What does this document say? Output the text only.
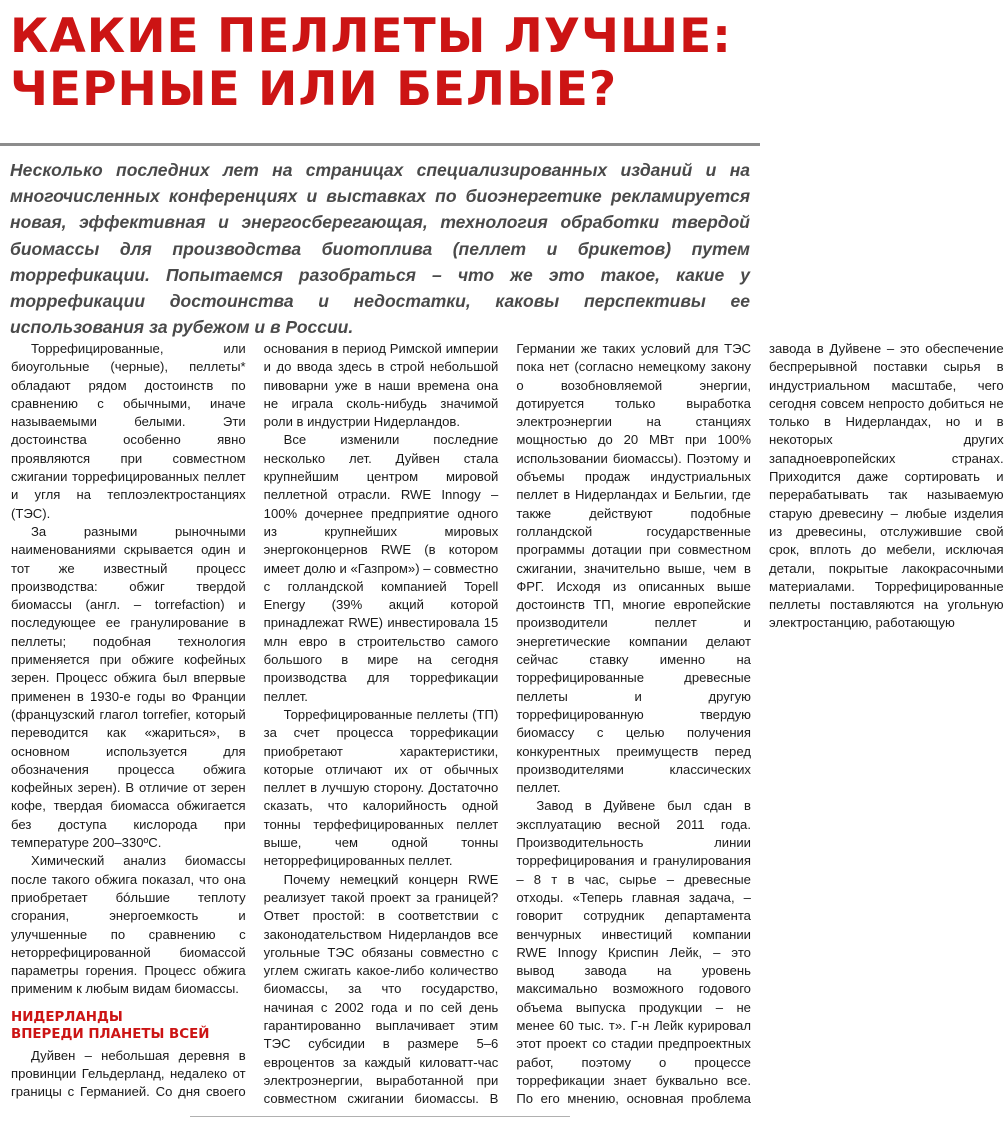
КАКИЕ ПЕЛЛЕТЫ ЛУЧШЕ:
ЧЕРНЫЕ ИЛИ БЕЛЫЕ?

Несколько последних лет на страницах специализированных изданий и на многочисленных конференциях и выставках по биоэнергетике рекламируется новая, эффективная и энергосберегающая, технология обработки твердой биомассы для производства биотоплива (пеллет и брикетов) путем торрефикации. Попытаемся разобраться – что же это такое, какие у торрефикации достоинства и недостатки, каковы перспективы ее использования за рубежом и в России.

Торрефицированные, или биоугольные (черные), пеллеты* обладают рядом достоинств по сравнению с обычными, иначе называемыми белыми. Эти достоинства особенно явно проявляются при совместном сжигании торрефицированных пеллет и угля на теплоэлектростанциях (ТЭС).

За разными рыночными наименованиями скрывается один и тот же известный процесс производства: обжиг твердой биомассы (англ. – torrefaction) и последующее ее гранулирование в пеллеты; подобная технология применяется при обжиге кофейных зерен. Процесс обжига был впервые применен в 1930-е годы во Франции (французский глагол torrefier, который переводится как «жариться», в основном используется для обозначения процесса обжига кофейных зерен). В отличие от зерен кофе, твердая биомасса обжигается без доступа кислорода при температуре 200–330ºС.

Химический анализ биомассы после такого обжига показал, что она приобретает бóльшие теплоту сгорания, энергоемкость и улучшенные по сравнению с неторрефицированной биомассой параметры горения. Процесс обжига применим к любым видам биомассы.

НИДЕРЛАНДЫ
ВПЕРЕДИ ПЛАНЕТЫ ВСЕЙ

Дуйвен – небольшая деревня в провинции Гельдерланд, недалеко от границы с Германией. Со дня своего основания в период Римской империи и до ввода здесь в строй небольшой пивоварни уже в наши времена она не играла сколь-нибудь значимой роли в индустрии Нидерландов.

Все изменили последние несколько лет. Дуйвен стала крупнейшим центром мировой пеллетной отрасли. RWE Innogy – 100% дочернее предприятие одного из крупнейших мировых энергоконцернов RWE (в котором имеет долю и «Газпром») – совместно с голландской компанией Topell Energy (39% акций которой принадлежат RWE) инвестировала 15 млн евро в строительство самого большого в мире на сегодня производства для торрефикации пеллет.

Торрефицированные пеллеты (ТП) за счет процесса торрефикации приобретают характеристики, которые отличают их от обычных пеллет в лучшую сторону. Достаточно сказать, что калорийность одной тонны терфефицированных пеллет выше, чем одной тонны неторрефицированных пеллет.

Почему немецкий концерн RWE реализует такой проект за границей? Ответ простой: в соответствии с законодательством Нидерландов все угольные ТЭС обязаны совместно с углем сжигать какое-либо количество биомассы, за что государство, начиная с 2002 года и по сей день гарантированно выплачивает этим ТЭС субсидии в размере 5–6 евроцентов за каждый киловатт-час электроэнергии, выработанной при совместном сжигании биомассы. В Германии же таких условий для ТЭС пока нет (согласно немецкому закону о возобновляемой энергии, дотируется только выработка электроэнергии на станциях мощностью до 20 МВт при 100% использовании биомассы). Поэтому и объемы продаж индустриальных пеллет в Нидерландах и Бельгии, где также действуют подобные голландской государственные программы дотации при совместном сжигании, значительно выше, чем в ФРГ. Исходя из описанных выше достоинств ТП, многие европейские производители пеллет и энергетические компании делают сейчас ставку именно на торрефицированные древесные пеллеты и другую торрефицированную твердую биомассу с целью получения конкурентных преимуществ перед производителями классических пеллет.

Завод в Дуйвене был сдан в эксплуатацию весной 2011 года. Производительность линии торрефицирования и гранулирования – 8 т в час, сырье – древесные отходы. «Теперь главная задача, – говорит сотрудник департамента венчурных инвестиций компании RWE Innogy Криспин Лейк, – это вывод завода на уровень максимально возможного годового объема выпуска продукции – не менее 60 тыс. т». Г-н Лейк курировал этот проект со стадии предпроектных работ, поэтому о процессе торрефикации знает буквально все. По его мнению, основная проблема завода в Дуйвене – это обеспечение беспрерывной поставки сырья в индустриальном масштабе, чего сегодня совсем непросто добиться не только в Нидерландах, но и в некоторых других западноевропейских странах. Приходится даже сортировать и перерабатывать так называемую старую древесину – любые изделия из древесины, отслужившие свой срок, вплоть до мебели, исключая детали, покрытые лакокрасочными материалами. Торрефицированные пеллеты поставляются на угольную электростанцию, работающую
